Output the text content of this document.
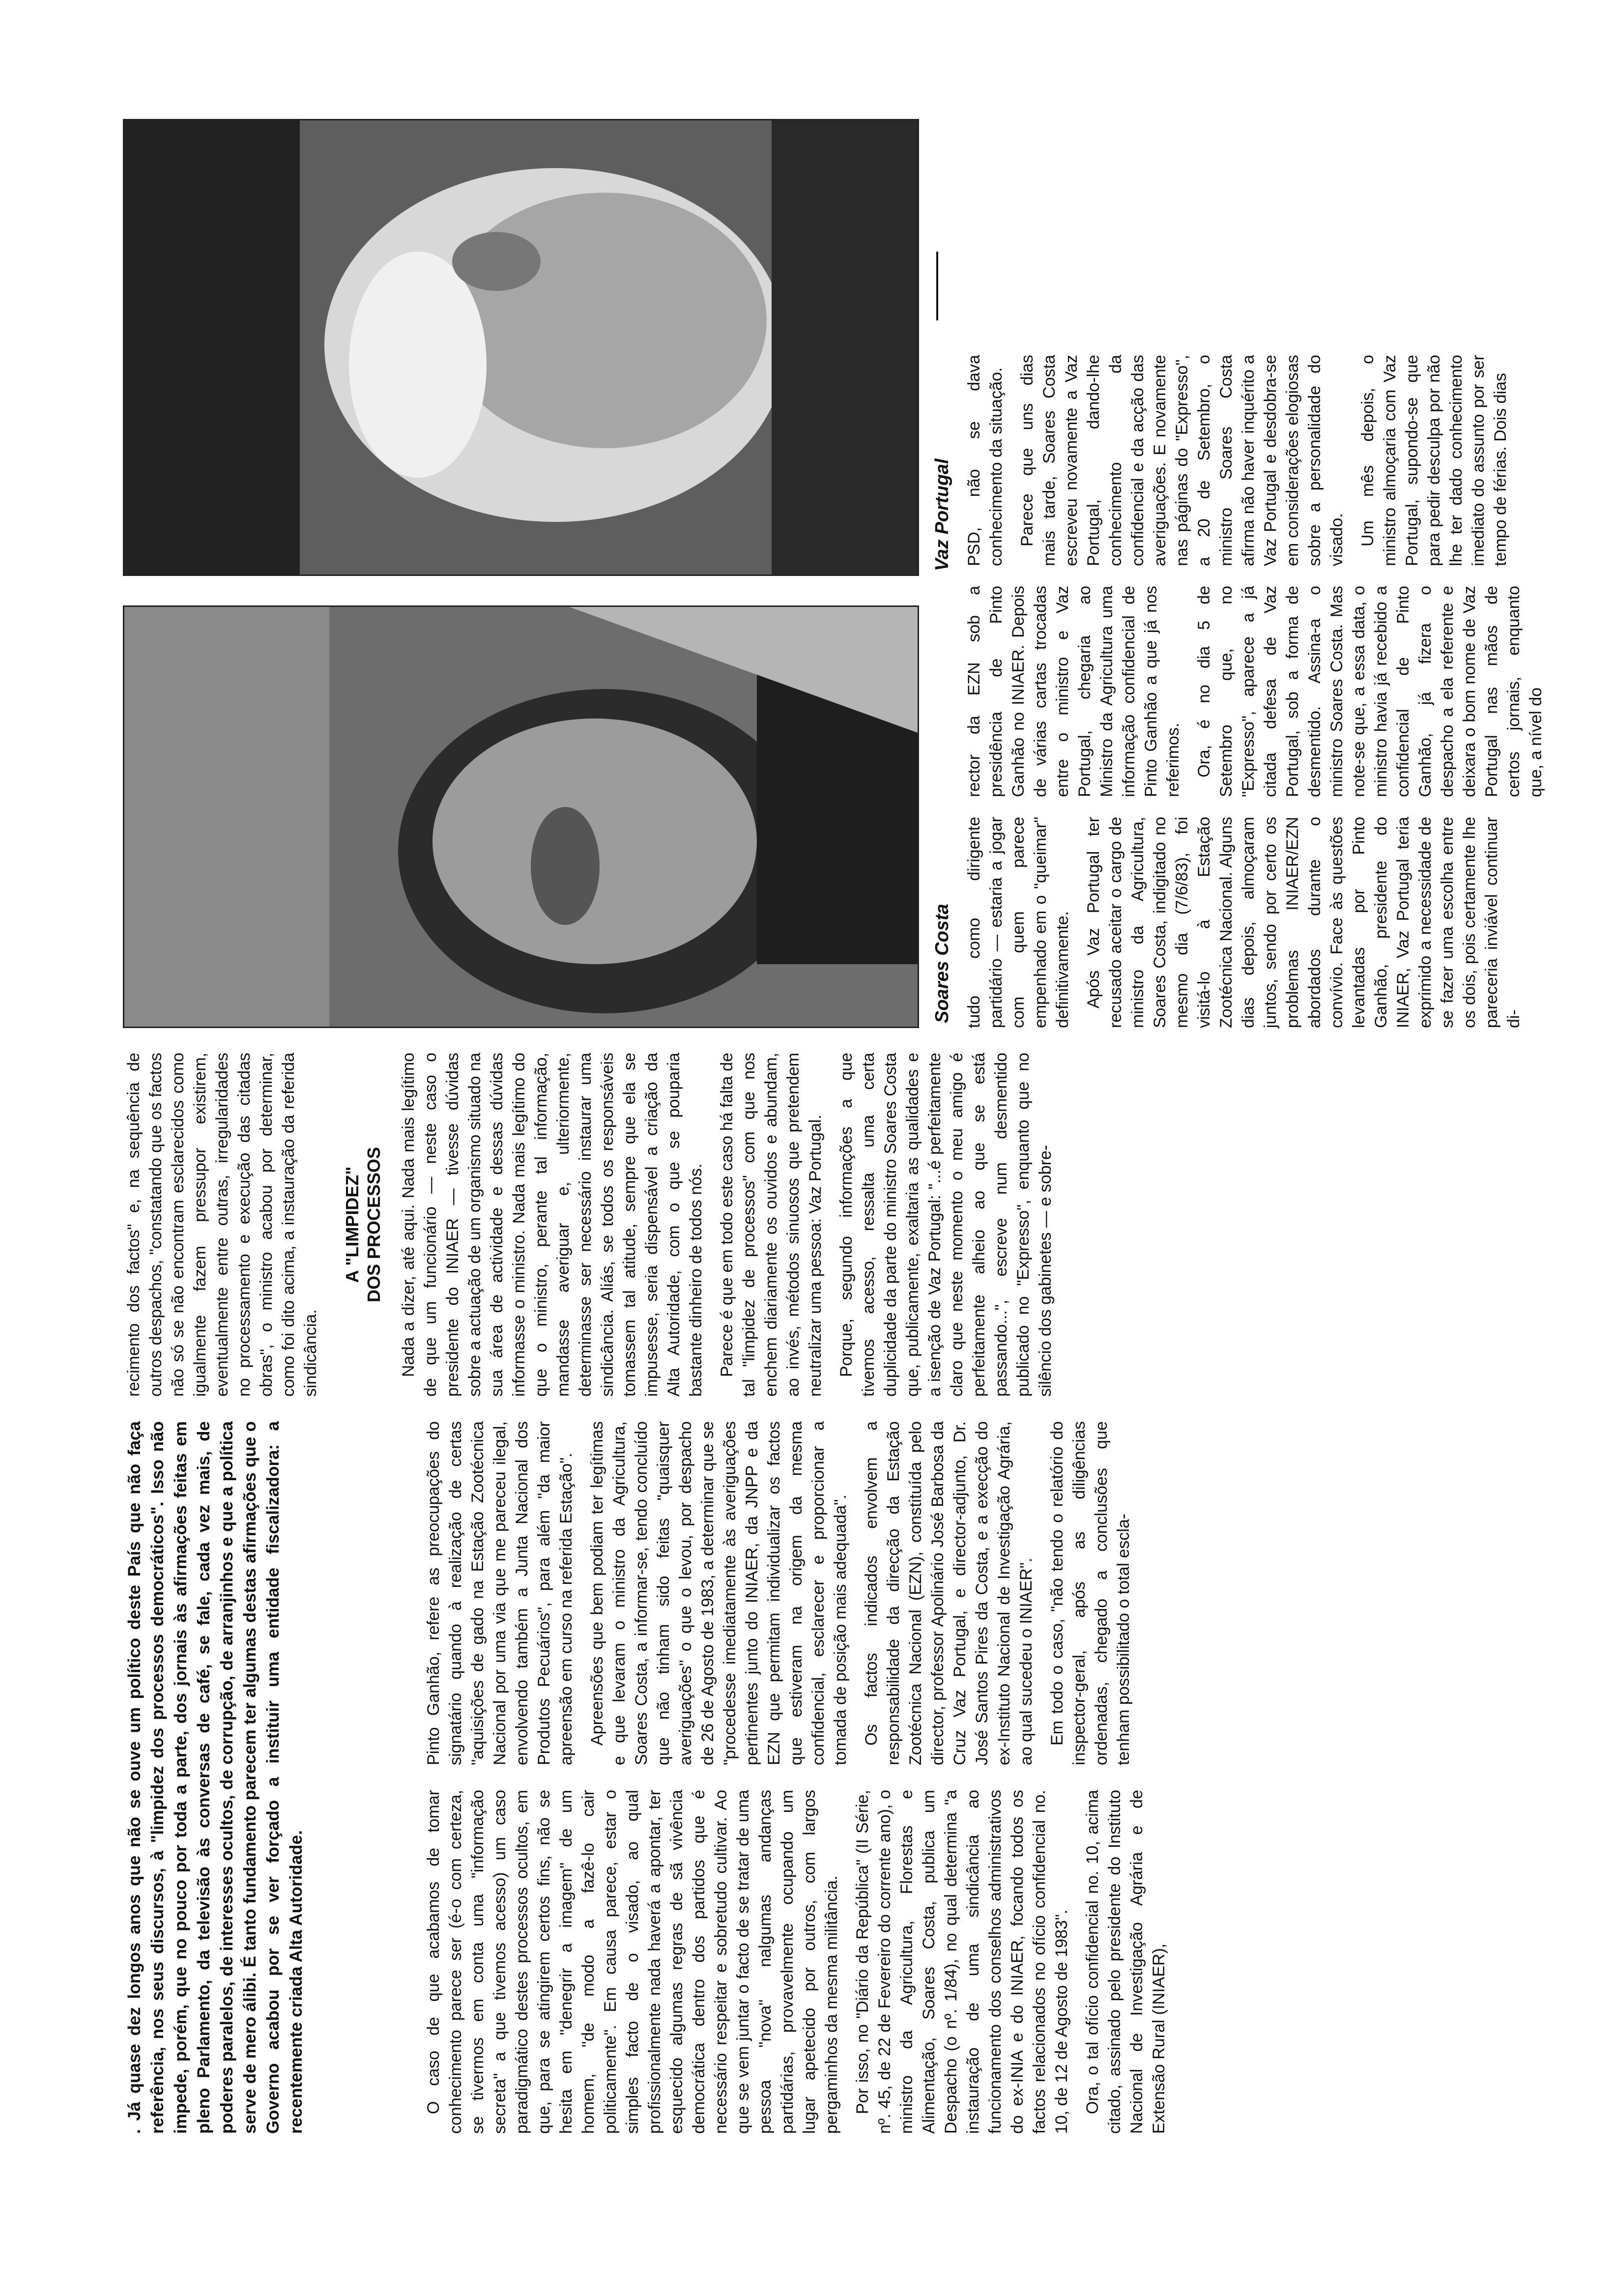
. Já quase dez longos anos que não se ouve um político deste País que não faça referência, nos seus discursos, à "limpidez dos processos democráticos". Isso não impede, porém, que no pouco por toda a parte, dos jornais às afirmações feitas em pleno Parlamento, da televisão às conversas de café, se fale, cada vez mais, de poderes paralelos, de interesses ocultos, de corrupção, de arranjinhos e que a política serve de mero álibi. É tanto fundamento parecem ter algumas destas afirmações que o Governo acabou por se ver forçado a instituir uma entidade fiscalizadora: a recentemente criada Alta Autoridade.	O caso de que acabamos de tomar conhecimento parece ser (é-o com certeza, se tivermos em conta uma "informação secreta" a que tivemos acesso) um caso paradigmático destes processos ocultos, em que, para se atingirem certos fins, não se hesita em "denegrir a imagem" de um homem, "de modo a fazê-lo cair politicamente". Em causa parece, estar o simples facto de o visado, ao qual profissionalmente nada haverá a apontar, ter esquecido algumas regras de sã vivência democrática dentro dos partidos que é necessário respeitar e sobretudo cultivar. Ao que se vem juntar o facto de se tratar de uma pessoa "nova" nalgumas andanças partidárias, provavelmente ocupando um lugar apetecido por outros, com largos pergaminhos da mesma militância. Por isso, no "Diário da República" (II Série, nº. 45, de 22 de Fevereiro do corrente ano), o ministro da Agricultura, Florestas e Alimentação, Soares Costa, publica um Despacho (o nº. 1/84), no qual determina "a instauração de uma sindicância ao funcionamento dos conselhos administrativos do ex-INIA e do INIAER, focando todos os factos relacionados no ofício confidencial no. 10, de 12 de Agosto de 1983". Ora, o tal ofício confidencial no. 10, acima citado, assinado pelo presidente do Instituto Nacional de Investigação Agrária e de Extensão Rural (INIAER),

Pinto Ganhão, refere as preocupações do signatário quando à realização de certas "aquisições de gado na Estação Zootécnica Nacional por uma via que me pareceu ilegal, envolvendo também a Junta Nacional dos Produtos Pecuários", para além "da maior apreensão em curso na referida Estação". Apreensões que bem podiam ter legítimas e que levaram o ministro da Agricultura, Soares Costa, a informar-se, tendo concluído que não tinham sido feitas "quaisquer averiguações" o que o levou, por despacho de 26 de Agosto de 1983, a determinar que se "procedesse imediatamente às averiguações pertinentes junto do INIAER, da JNPP e da EZN que permitam individualizar os factos que estiveram na origem da mesma confidencial, esclarecer e proporcionar a tomada de posição mais adequada". Os factos indicados envolvem a responsabilidade da direcção da Estação Zootécnica Nacional (EZN), constituída pelo director, professor Apolinário José Barbosa da Cruz Vaz Portugal, e director-adjunto, Dr. José Santos Pires da Costa, e a execção do ex-Instituto Nacional de Investigação Agrária, ao qual sucedeu o INIAER". Em todo o caso, "não tendo o relatório do inspector-geral, após as diligências ordenadas, chegado a conclusões que tenham possibilitado o total escla-

recimento dos factos" e, na sequência de outros despachos, "constatando que os factos não só se não encontram esclarecidos como igualmente fazem pressupor existirem, eventualmente entre outras, irregularidades no processamento e execução das citadas obras", o ministro acabou por determinar, como foi dito acima, a instauração da referida sindicância.

A "LIMPIDEZ" DOS PROCESSOS Nada a dizer, até aqui. Nada mais legítimo de que um funcionário — neste caso o presidente do INIAER — tivesse dúvidas sobre a actuação de um organismo situado na sua área de actividade e dessas dúvidas informasse o ministro. Nada mais legítimo do que o ministro, perante tal informação, mandasse averiguar e, ulteriormente, determinasse ser necessário instaurar uma sindicância. Aliás, se todos os responsáveis tomassem tal atitude, sempre que ela se impusesse, seria dispensável a criação da Alta Autoridade, com o que se pouparia bastante dinheiro de todos nós. Parece é que em todo este caso há falta de tal "limpidez de processos" com que nos enchem diariamente os ouvidos e abundam, ao invés, métodos sinuosos que pretendem neutralizar uma pessoa: Vaz Portugal. Porque, segundo informações a que tivemos acesso, ressalta uma certa duplicidade da parte do ministro Soares Costa que, publicamente, exaltaria as qualidades e a isenção de Vaz Portugal: "...é perfeitamente claro que neste momento o meu amigo é perfeitamente alheio ao que se está passando...", escreve num desmentido publicado no "Expresso", enquanto que no silêncio dos gabinetes — e sobre-

Soares Costa
Vaz Portugal

tudo como dirigente partidário — estaria a jogar com quem parece empenhado em o "queimar" definitivamente. Após Vaz Portugal ter recusado aceitar o cargo de ministro da Agricultura, Soares Costa, indigitado no mesmo dia (7/6/83), foi visitá-lo à Estação Zootécnica Nacional. Alguns dias depois, almoçaram juntos, sendo por certo os problemas INIAER/EZN abordados durante o convívio. Face às questões levantadas por Pinto Ganhão, presidente do INIAER, Vaz Portugal teria exprimido a necessidade de se fazer uma escolha entre os dois, pois certamente lhe pareceria inviável continuar di-

rector da EZN sob a presidência de Pinto Ganhão no INIAER. Depois de várias cartas trocadas entre o ministro e Vaz Portugal, chegaria ao Ministro da Agricultura uma informação confidencial de Pinto Ganhão a que já nos referimos. Ora, é no dia 5 de Setembro que, no "Expresso", aparece a já citada defesa de Vaz Portugal, sob a forma de desmentido. Assina-a o ministro Soares Costa. Mas note-se que, a essa data, o ministro havia já recebido a confidencial de Pinto Ganhão, já fizera o despacho a ela referente e deixara o bom nome de Vaz Portugal nas mãos de certos jornais, enquanto que, a nível do

PSD, não se dava conhecimento da situação. Parece que uns dias mais tarde, Soares Costa escreveu novamente a Vaz Portugal, dando-lhe conhecimento da confidencial e da acção das averiguações. E novamente nas páginas do "Expresso", a 20 de Setembro, o ministro Soares Costa afirma não haver inquérito a Vaz Portugal e desdobra-se em considerações elogiosas sobre a personalidade do visado. Um mês depois, o ministro almoçaria com Vaz Portugal, supondo-se que para pedir desculpa por não lhe ter dado conhecimento imediato do assunto por ser tempo de férias. Dois dias
